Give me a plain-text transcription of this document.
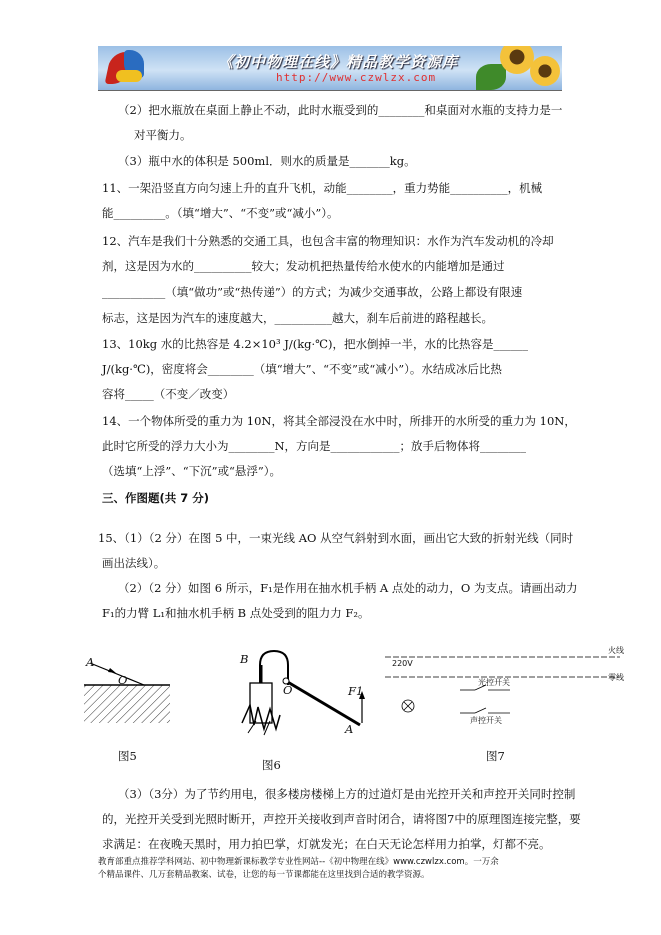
《初中物理在线》精品教学资源库
http://www.czwlzx.com
（2）把水瓶放在桌面上静止不动，此时水瓶受到的________和桌面对水瓶的支持力是一
对平衡力。
（3）瓶中水的体积是 500ml．则水的质量是_______kg。
11、一架沿竖直方向匀速上升的直升飞机，动能________，重力势能__________，机械
能_________。（填“增大”、“不变”或“减小”）。
12、汽车是我们十分熟悉的交通工具，也包含丰富的物理知识：水作为汽车发动机的冷却
剂，这是因为水的__________较大；发动机把热量传给水使水的内能增加是通过
___________（填“做功”或“热传递”）的方式；为减少交通事故，公路上都设有限速
标志，这是因为汽车的速度越大，__________越大，刹车后前进的路程越长。
13、10kg 水的比热容是 4.2×10³ J/(kg·℃)，把水倒掉一半，水的比热容是______
J/(kg·℃)，密度将会________（填“增大”、“不变”或“减小”）。水结成冰后比热
容将_____（不变／改变）
14、一个物体所受的重力为 10N，将其全部浸没在水中时，所排开的水所受的重力为 10N，
此时它所受的浮力大小为________N，方向是____________；放手后物体将________
（选填“上浮”、“下沉”或“悬浮”）。
三、作图题(共 7 分)
15、（1）（2 分）在图 5 中，一束光线 AO 从空气斜射到水面，画出它大致的折射光线（同时
画出法线）。
（2）（2 分）如图 6 所示，F₁是作用在抽水机手柄 A 点处的动力，O 为支点。请画出动力
F₁的力臂 L₁和抽水机手柄 B 点处受到的阻力力 F₂。
A
O
图5
B
O	F1
A
图6
220V
火线
零线
光控开关
声控开关
图7
（3）（3分）为了节约用电，很多楼房楼梯上方的过道灯是由光控开关和声控开关同时控制
的，光控开关受到光照时断开，声控开关接收到声音时闭合，请将图7中的原理图连接完整，要
求满足：在夜晚天黑时，用力拍巴掌，灯就发光；在白天无论怎样用力拍掌，灯都不亮。
教育部重点推荐学科网站、初中物理新课标教学专业性网站--《初中物理在线》www.czwlzx.com。一万余
个精品课件、几万套精品教案、试卷，让您的每一节课都能在这里找到合适的教学资源。
